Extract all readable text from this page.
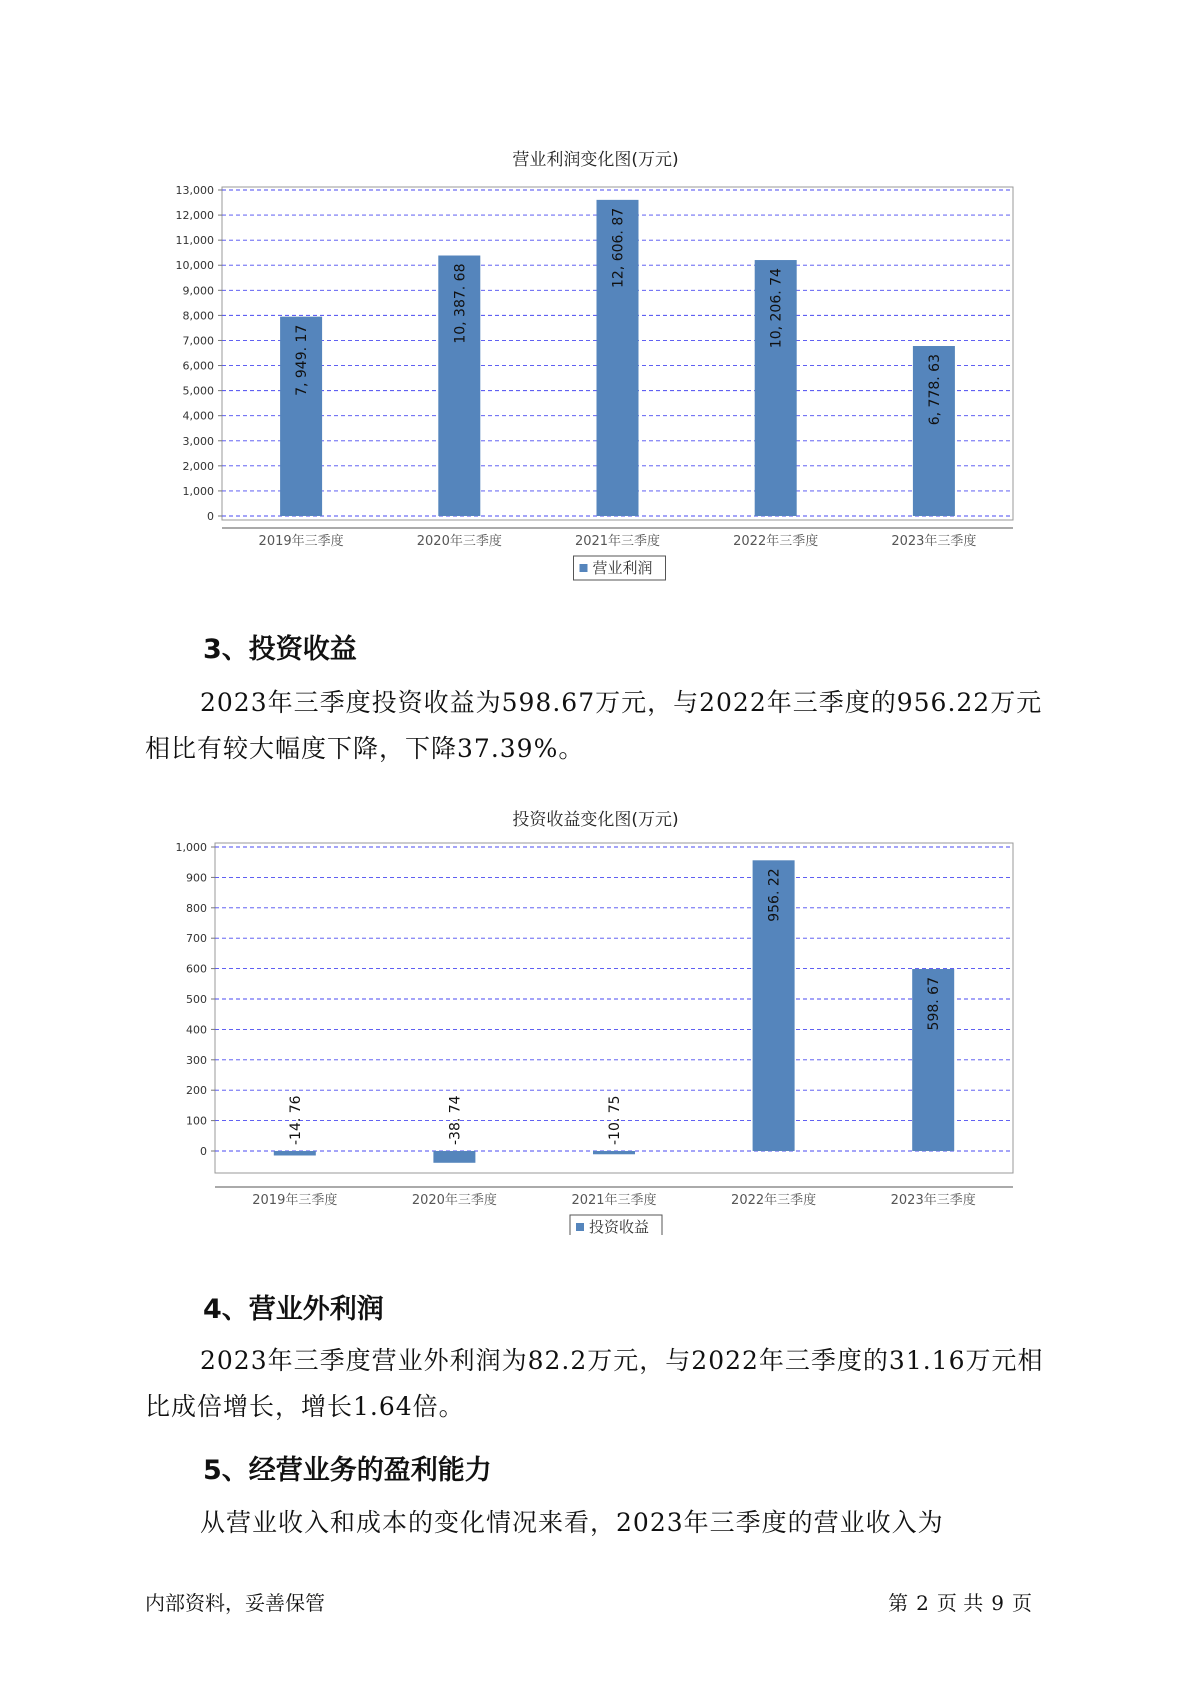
营业利润变化图(万元)
0
1,000
2,000
3,000
4,000
5,000
6,000
7,000
8,000
9,000
10,000
11,000
12,000
13,000
7, 949. 17
2019年三季度
10, 387. 68
2020年三季度
12, 606. 87
2021年三季度
10, 206. 74
2022年三季度
6, 778. 63
2023年三季度
营业利润
投资收益变化图(万元)
0
100
200
300
400
500
600
700
800
900
1,000
-14. 76
2019年三季度
-38. 74
2020年三季度
-10. 75
2021年三季度
956. 22
2022年三季度
598. 67
2023年三季度
投资收益
3、投资收益
2023年三季度投资收益为598.67万元，与2022年三季度的956.22万元相比有较大幅度下降，下降37.39%。
4、营业外利润
2023年三季度营业外利润为82.2万元，与2022年三季度的31.16万元相比成倍增长，增长1.64倍。
5、经营业务的盈利能力
从营业收入和成本的变化情况来看，2023年三季度的营业收入为
内部资料，妥善保管	第 2 页 共 9 页
